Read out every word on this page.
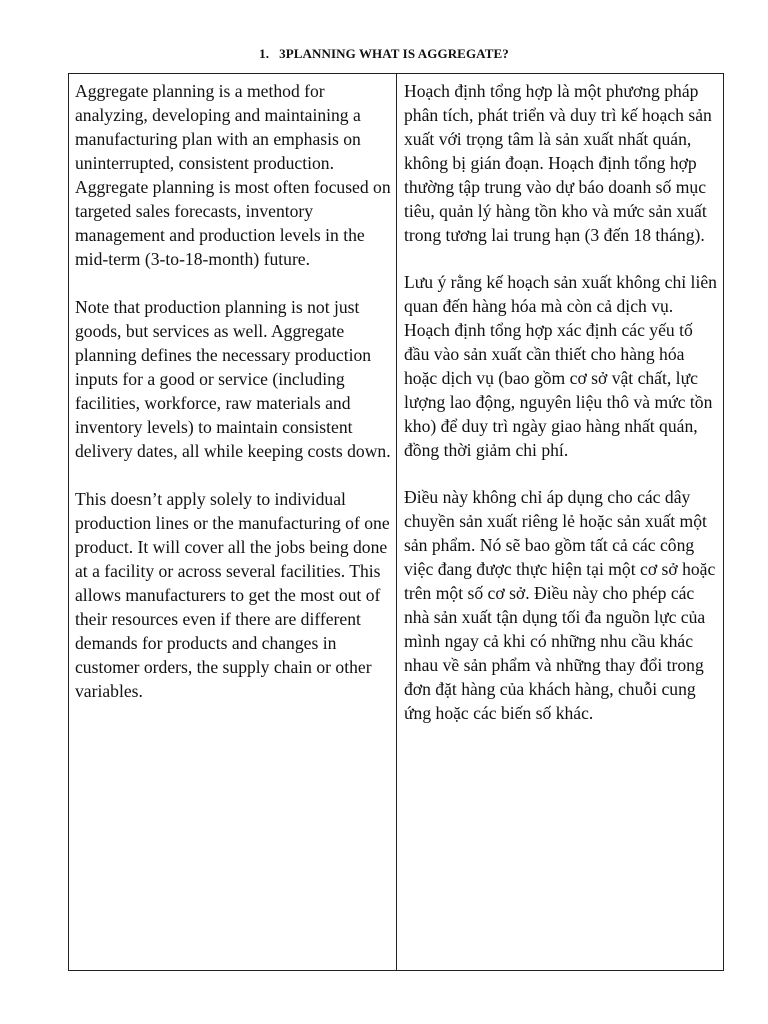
1. 3PLANNING WHAT IS AGGREGATE?

Aggregate planning is a method for analyzing, developing and maintaining a manufacturing plan with an emphasis on uninterrupted, consistent production. Aggregate planning is most often focused on targeted sales forecasts, inventory management and production levels in the mid-term (3-to-18-month) future.

Note that production planning is not just goods, but services as well. Aggregate planning defines the necessary production inputs for a good or service (including facilities, workforce, raw materials and inventory levels) to maintain consistent delivery dates, all while keeping costs down.

This doesn’t apply solely to individual production lines or the manufacturing of one product. It will cover all the jobs being done at a facility or across several facilities. This allows manufacturers to get the most out of their resources even if there are different demands for products and changes in customer orders, the supply chain or other variables.

Hoạch định tổng hợp là một phương pháp phân tích, phát triển và duy trì kế hoạch sản xuất với trọng tâm là sản xuất nhất quán, không bị gián đoạn. Hoạch định tổng hợp thường tập trung vào dự báo doanh số mục tiêu, quản lý hàng tồn kho và mức sản xuất trong tương lai trung hạn (3 đến 18 tháng).

Lưu ý rằng kế hoạch sản xuất không chỉ liên quan đến hàng hóa mà còn cả dịch vụ. Hoạch định tổng hợp xác định các yếu tố đầu vào sản xuất cần thiết cho hàng hóa hoặc dịch vụ (bao gồm cơ sở vật chất, lực lượng lao động, nguyên liệu thô và mức tồn kho) để duy trì ngày giao hàng nhất quán, đồng thời giảm chi phí.

Điều này không chỉ áp dụng cho các dây chuyền sản xuất riêng lẻ hoặc sản xuất một sản phẩm. Nó sẽ bao gồm tất cả các công việc đang được thực hiện tại một cơ sở hoặc trên một số cơ sở. Điều này cho phép các nhà sản xuất tận dụng tối đa nguồn lực của mình ngay cả khi có những nhu cầu khác nhau về sản phẩm và những thay đổi trong đơn đặt hàng của khách hàng, chuỗi cung ứng hoặc các biến số khác.
